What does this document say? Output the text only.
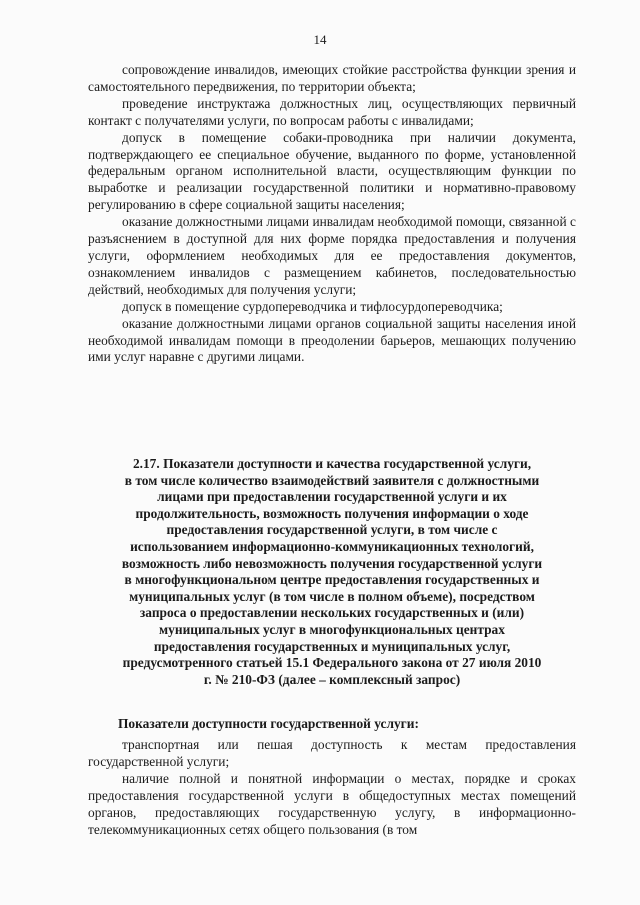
14

сопровождение инвалидов, имеющих стойкие расстройства функции зрения и самостоятельного передвижения, по территории объекта;

проведение инструктажа должностных лиц, осуществляющих первичный контакт с получателями услуги, по вопросам работы с инвалидами;

допуск в помещение собаки-проводника при наличии документа, подтверждающего ее специальное обучение, выданного по форме, установленной федеральным органом исполнительной власти, осуществляющим функции по выработке и реализации государственной политики и нормативно-правовому регулированию в сфере социальной защиты населения;

оказание должностными лицами инвалидам необходимой помощи, связанной с разъяснением в доступной для них форме порядка предоставления и получения услуги, оформлением необходимых для ее предоставления документов, ознакомлением инвалидов с размещением кабинетов, последовательностью действий, необходимых для получения услуги;

допуск в помещение сурдопереводчика и тифлосурдопереводчика;

оказание должностными лицами органов социальной защиты населения иной необходимой инвалидам помощи в преодолении барьеров, мешающих получению ими услуг наравне с другими лицами.

2.17. Показатели доступности и качества государственной услуги,
в том числе количество взаимодействий заявителя с должностными
лицами при предоставлении государственной услуги и их
продолжительность, возможность получения информации о ходе
предоставления государственной услуги, в том числе с
использованием информационно-коммуникационных технологий,
возможность либо невозможность получения государственной услуги
в многофункциональном центре предоставления государственных и
муниципальных услуг (в том числе в полном объеме), посредством
запроса о предоставлении нескольких государственных и (или)
муниципальных услуг в многофункциональных центрах
предоставления государственных и муниципальных услуг,
предусмотренного статьей 15.1 Федерального закона от 27 июля 2010
г. № 210-ФЗ (далее – комплексный запрос)
Показатели доступности государственной услуги:

транспортная или пешая доступность к местам предоставления государственной услуги;

наличие полной и понятной информации о местах, порядке и сроках предоставления государственной услуги в общедоступных местах помещений органов, предоставляющих государственную услугу, в информационно-телекоммуникационных сетях общего пользования (в том
